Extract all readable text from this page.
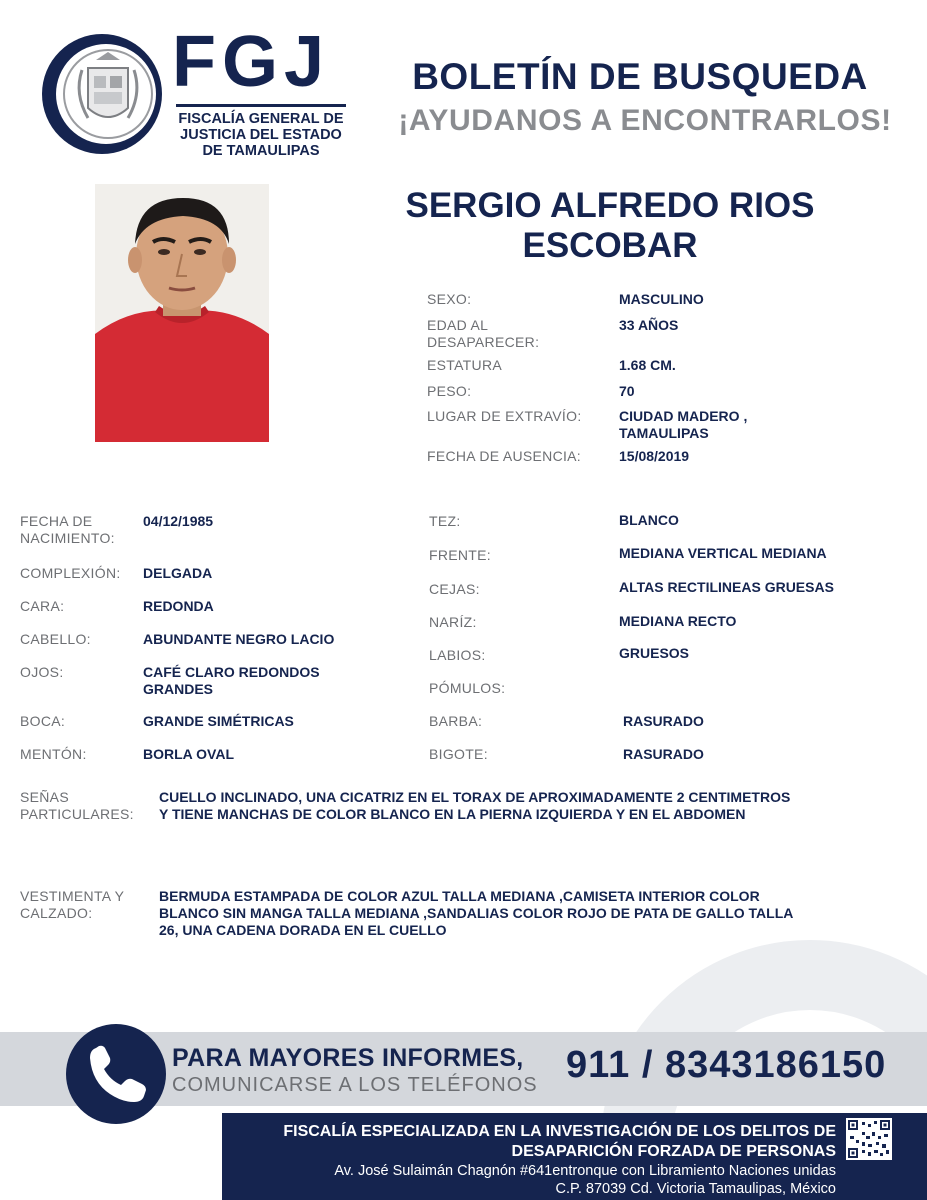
FGJ
FISCALÍA GENERAL DE
JUSTICIA DEL ESTADO
DE TAMAULIPAS
BOLETÍN DE BUSQUEDA
¡AYUDANOS A ENCONTRARLOS!
SERGIO ALFREDO RIOS
ESCOBAR
SEXO:	MASCULINO
EDAD AL DESAPARECER:
33 AÑOS
ESTATURA	1.68 CM.
PESO:	70
LUGAR DE EXTRAVÍO:	CIUDAD MADERO , TAMAULIPAS
FECHA DE AUSENCIA:	15/08/2019
FECHA DE NACIMIENTO:
04/12/1985
COMPLEXIÓN: DELGADA
CARA:	REDONDA
CABELLO:	ABUNDANTE NEGRO LACIO
OJOS:	CAFÉ CLARO REDONDOS GRANDES
BOCA:	GRANDE SIMÉTRICAS
MENTÓN:	BORLA OVAL
TEZ:	BLANCO
FRENTE:	MEDIANA VERTICAL MEDIANA
CEJAS:	ALTAS RECTILINEAS GRUESAS
NARÍZ:	MEDIANA RECTO
LABIOS:	GRUESOS
PÓMULOS:
BARBA:	RASURADO
BIGOTE:	RASURADO
SEÑAS PARTICULARES:
CUELLO INCLINADO, UNA CICATRIZ EN EL TORAX DE APROXIMADAMENTE 2 CENTIMETROS
Y TIENE MANCHAS DE COLOR BLANCO EN LA PIERNA IZQUIERDA Y EN EL ABDOMEN
VESTIMENTA Y CALZADO:
BERMUDA ESTAMPADA DE COLOR AZUL TALLA MEDIANA ,CAMISETA INTERIOR COLOR
BLANCO SIN MANGA TALLA MEDIANA ,SANDALIAS COLOR ROJO DE PATA DE GALLO TALLA
26, UNA CADENA DORADA EN EL CUELLO
PARA MAYORES INFORMES,
COMUNICARSE A LOS TELÉFONOS 911 / 8343186150
FISCALÍA ESPECIALIZADA EN LA INVESTIGACIÓN DE LOS DELITOS DE
DESAPARICIÓN FORZADA DE PERSONAS
Av. José Sulaimán Chagnón #641entronque con Libramiento Naciones unidas
C.P. 87039 Cd. Victoria Tamaulipas, México
